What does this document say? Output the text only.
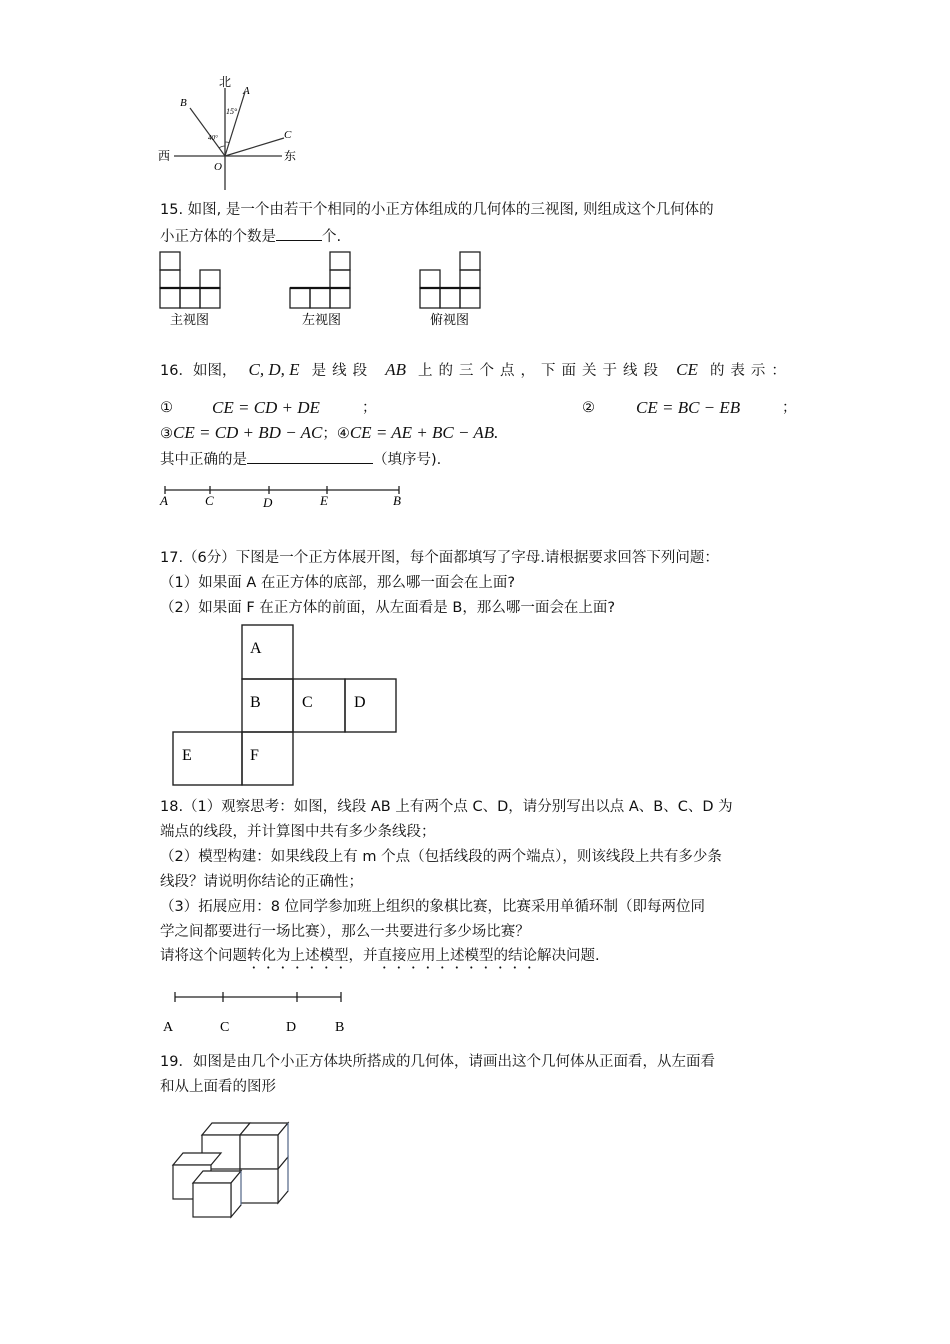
北
A
B
15°
40°	C
西	东
O
15. 如图, 是一个由若干个相同的小正方体组成的几何体的三视图, 则组成这个几何体的
小正方体的个数是	个.
主视图	左视图	俯视图
16．如图， C, D, E 是线段 AB 上的三个点，下面关于线段 CE 的表示：
① CE = CD + DE	；	② CE = BC − EB	；
③CE = CD + BD − AC；④CE = AE + BC − AB.
其中正确的是	（填序号).
A	C	D	E	B
17.（6分）下图是一个正方体展开图，每个面都填写了字母.请根据要求回答下列问题：
（1）如果面 A 在正方体的底部，那么哪一面会在上面?
（2）如果面 F 在正方体的前面，从左面看是 B，那么哪一面会在上面?
A
B	C	D
E	F
18.（1）观察思考：如图，线段 AB 上有两个点 C、D，请分别写出以点 A、B、C、D 为
端点的线段，并计算图中共有多少条线段；
（2）模型构建：如果线段上有 m 个点（包括线段的两个端点），则该线段上共有多少条
线段？请说明你结论的正确性；
（3）拓展应用：8 位同学参加班上组织的象棋比赛，比赛采用单循环制（即每两位同
学之间都要进行一场比赛），那么一共要进行多少场比赛？
请将这个问题转化为上述模型，并直接应用上述模型的结论解决问题.
A	C	D	B
19．如图是由几个小正方体块所搭成的几何体，请画出这个几何体从正面看，从左面看
和从上面看的图形
